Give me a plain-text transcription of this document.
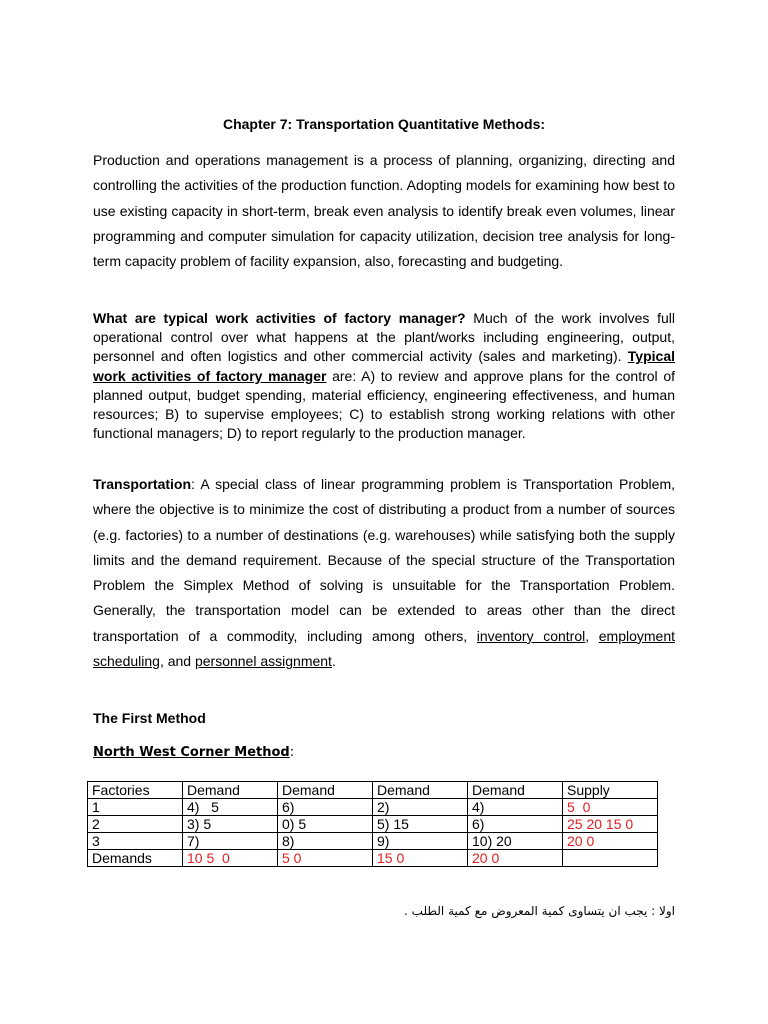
Chapter 7: Transportation Quantitative Methods:
Production and operations management is a process of planning, organizing, directing and controlling the activities of the production function. Adopting models for examining how best to use existing capacity in short-term, break even analysis to identify break even volumes, linear programming and computer simulation for capacity utilization, decision tree analysis for long-term capacity problem of facility expansion, also, forecasting and budgeting.
What are typical work activities of factory manager? Much of the work involves full operational control over what happens at the plant/works including engineering, output, personnel and often logistics and other commercial activity (sales and marketing). Typical work activities of factory manager are: A) to review and approve plans for the control of planned output, budget spending, material efficiency, engineering effectiveness, and human resources; B) to supervise employees; C) to establish strong working relations with other functional managers; D) to report regularly to the production manager.
Transportation: A special class of linear programming problem is Transportation Problem, where the objective is to minimize the cost of distributing a product from a number of sources (e.g. factories) to a number of destinations (e.g. warehouses) while satisfying both the supply limits and the demand requirement. Because of the special structure of the Transportation Problem the Simplex Method of solving is unsuitable for the Transportation Problem. Generally, the transportation model can be extended to areas other than the direct transportation of a commodity, including among others, inventory control, employment scheduling, and personnel assignment.
The First Method
North West Corner Method:
Factories	Demand	Demand	Demand	Demand	Supply
1	4)   5	6)	2)	4)	5  0
2	3) 5	0) 5	5) 15	6)	25 20 15 0
3	7)	8)	9)	10) 20	20 0
Demands	10 5  0	5 0	15 0	20 0	
اولا : يجب ان يتساوى كمية المعروض مع كمية الطلب .
